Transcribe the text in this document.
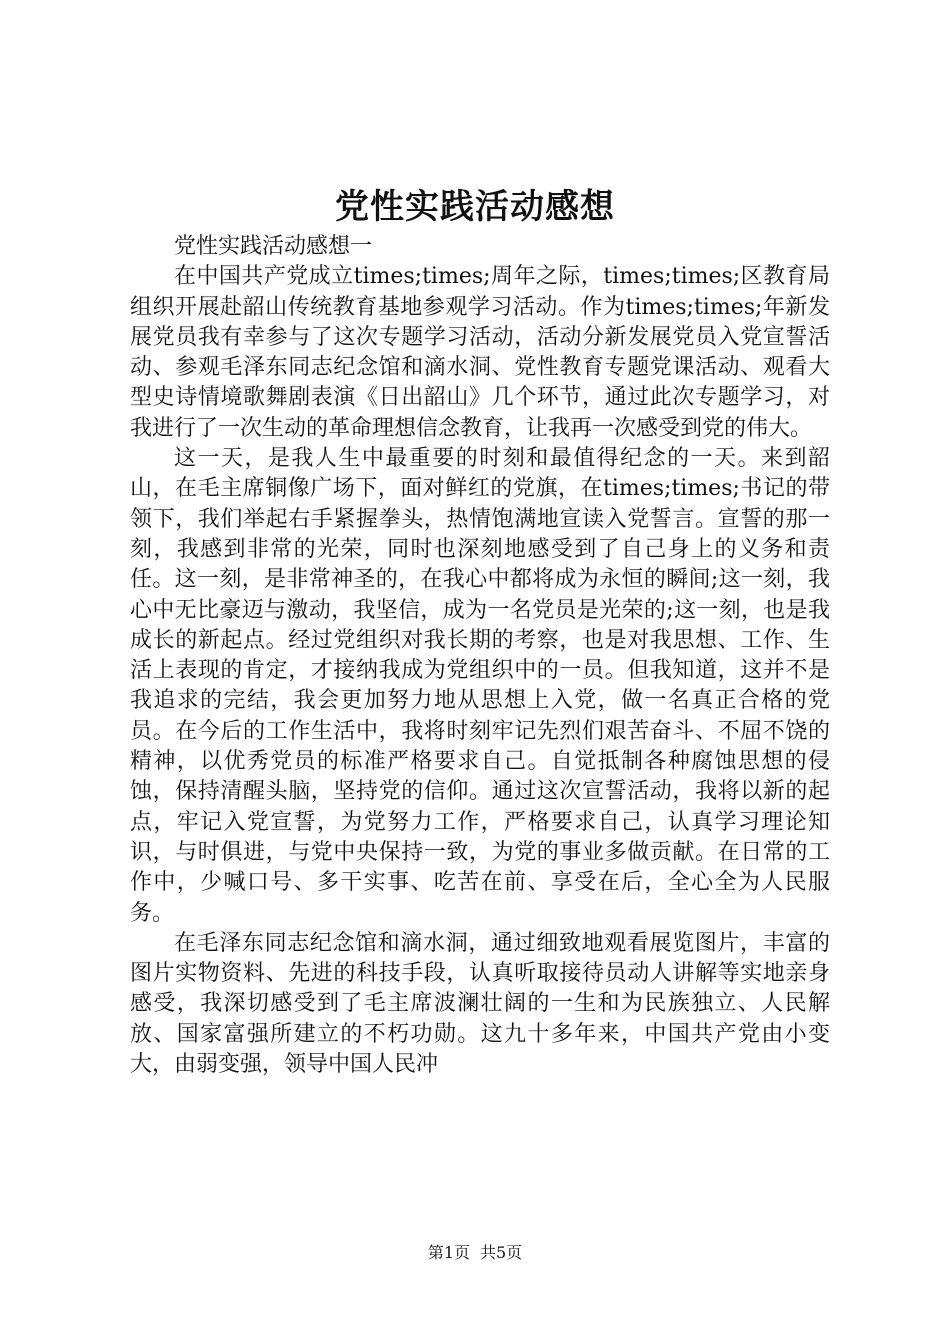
党性实践活动感想

党性实践活动感想一

在中国共产党成立times;times;周年之际，times;times;区教育局组织开展赴韶山传统教育基地参观学习活动。作为times;times;年新发展党员我有幸参与了这次专题学习活动，活动分新发展党员入党宣誓活动、参观毛泽东同志纪念馆和滴水洞、党性教育专题党课活动、观看大型史诗情境歌舞剧表演《日出韶山》几个环节，通过此次专题学习，对我进行了一次生动的革命理想信念教育，让我再一次感受到党的伟大。

这一天，是我人生中最重要的时刻和最值得纪念的一天。来到韶山，在毛主席铜像广场下，面对鲜红的党旗，在times;times;书记的带领下，我们举起右手紧握拳头，热情饱满地宣读入党誓言。宣誓的那一刻，我感到非常的光荣，同时也深刻地感受到了自己身上的义务和责任。这一刻，是非常神圣的，在我心中都将成为永恒的瞬间;这一刻，我心中无比豪迈与激动，我坚信，成为一名党员是光荣的;这一刻，也是我成长的新起点。经过党组织对我长期的考察，也是对我思想、工作、生活上表现的肯定，才接纳我成为党组织中的一员。但我知道，这并不是我追求的完结，我会更加努力地从思想上入党，做一名真正合格的党员。在今后的工作生活中，我将时刻牢记先烈们艰苦奋斗、不屈不饶的精神，以优秀党员的标准严格要求自己。自觉抵制各种腐蚀思想的侵蚀，保持清醒头脑，坚持党的信仰。通过这次宣誓活动，我将以新的起点，牢记入党宣誓，为党努力工作，严格要求自己，认真学习理论知识，与时俱进，与党中央保持一致，为党的事业多做贡献。在日常的工作中，少喊口号、多干实事、吃苦在前、享受在后，全心全为人民服务。

在毛泽东同志纪念馆和滴水洞，通过细致地观看展览图片，丰富的图片实物资料、先进的科技手段，认真听取接待员动人讲解等实地亲身感受，我深切感受到了毛主席波澜壮阔的一生和为民族独立、人民解放、国家富强所建立的不朽功勋。这九十多年来，中国共产党由小变大，由弱变强，领导中国人民冲

第1页 共5页
